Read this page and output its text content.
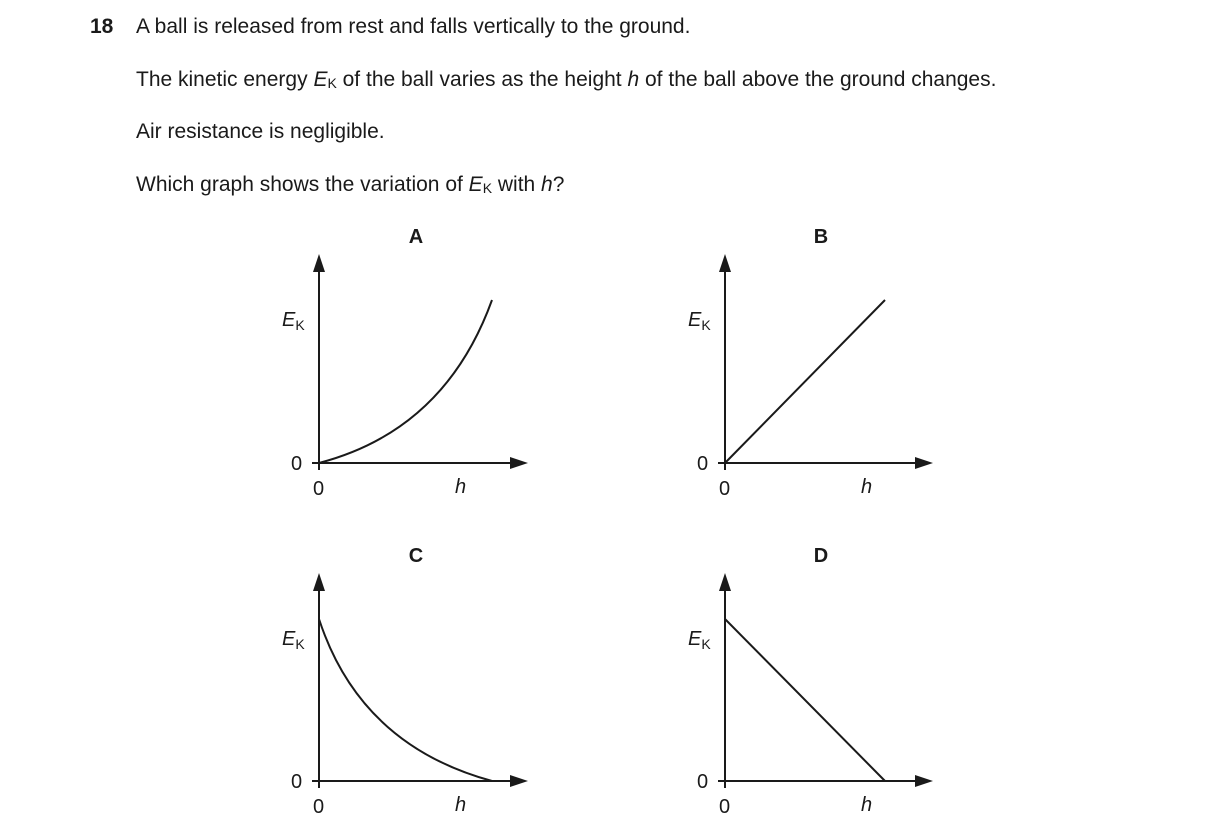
18 A ball is released from rest and falls vertically to the ground.
The kinetic energy EK of the ball varies as the height h of the ball above the ground changes.
Air resistance is negligible.
Which graph shows the variation of EK with h?
A
$E_K$
0
0	h
B
$E_K$
0
0	h
C
$E_K$
0
0	h
D
$E_K$
0
0	h
